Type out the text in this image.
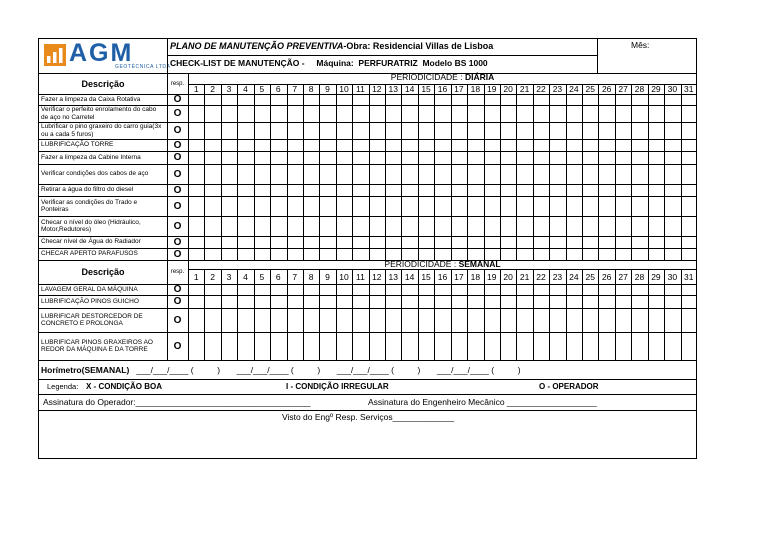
AGM
GEOTÉCNICA LTDA
PLANO DE MANUTENÇÃO PREVENTIVA-Obra: Residencial Villas de Lisboa
CHECK-LIST DE MANUTENÇÃO -     Máquina:  PERFURATRIZ  Modelo BS 1000
Mês:
Descrição	resp.
PERIODICIDADE : DIÁRIA
1	2	3	4	5	6	7	8	9	10 11 12 13 14 15 16 17 18 19 20 21 22 23 24 25 26 27 28 29 30 31
Fazer a limpeza da Caixa Rotativa	O
Verificar o perfeito enrolamento do cabo de aço no Carretel	O
Lubrificar o pino graxeiro do carro guia(3x ou a cada 5 furos)	O
LUBRIFICAÇÃO TORRE	O
Fazer a limpeza da Cabine Interna	O
Verificar condições dos cabos de aço	O
Retirar a água do filtro do diesel	O
Verificar as condições do Trado e Ponteiras	O
Checar o nível do óleo (Hidráulico, Motor,Redutores)	O
Checar nível de Água do Radiador	O
CHECAR APERTO PARAFUSOS	O
Descrição	resp.
PERIODICIDADE : SEMANAL
1	2	3	4	5	6	7	8	9	10 11 12 13 14 15 16 17 18 19 20 21 22 23 24 25 26 27 28 29 30 31
LAVAGEM GERAL DA MÁQUINA	O
LUBRIFICAÇÃO PINOS GUICHO	O
LUBRIFICAR DESTORCEDOR DE CONCRETO E PROLONGA	O
LUBRIFICAR PINOS GRAXEIROS AO REDOR DA MÁQUINA E DA TORRE	O
Horímetro(SEMANAL) ___/___/____ (          ) ___/___/____ (          ) ___/___/____ (          ) ___/___/____ (          )
Legenda: X - CONDIÇÃO BOA	I - CONDIÇÃO IRREGULAR	O - OPERADOR
Assinatura do Operador:_____________________________________	Assinatura do Engenheiro Mecânico ___________________
Visto do Engº Resp. Serviços_____________
